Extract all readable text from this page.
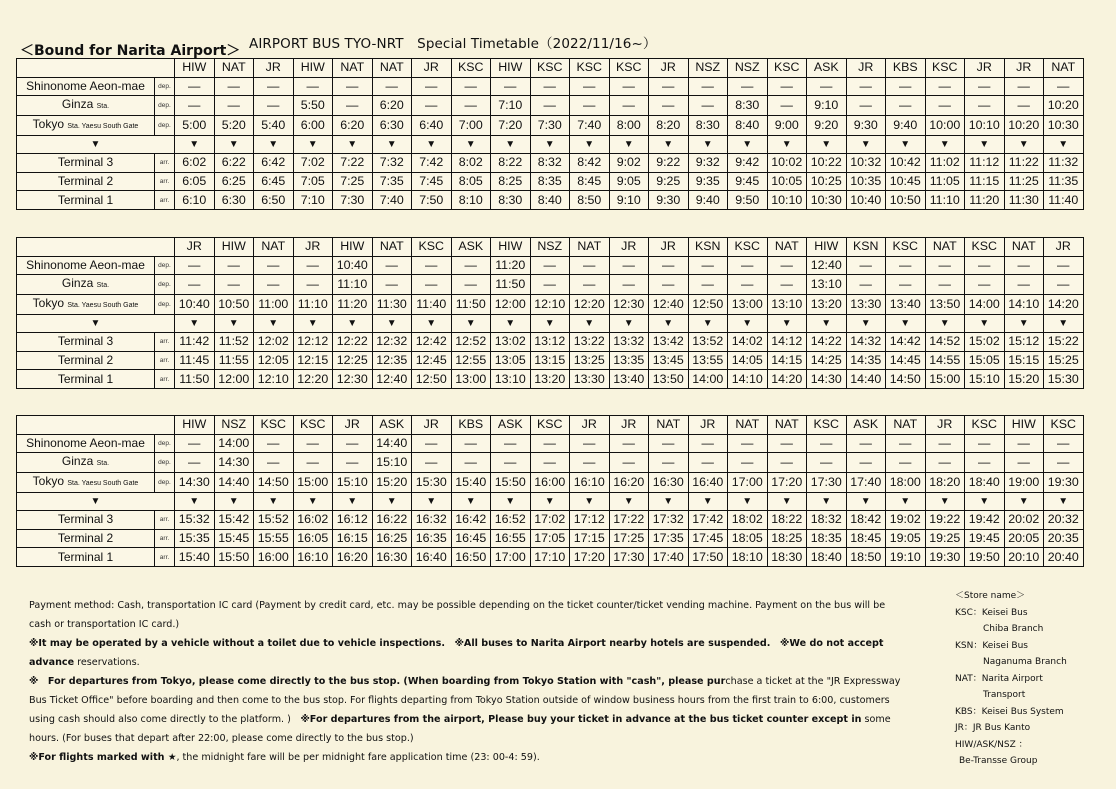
＜Bound for Narita Airport＞ AIRPORT BUS TYO-NRT　Special Timetable（2022/11/16~）
		HIW	NAT	JR	HIW	NAT	NAT	JR	KSC	HIW	KSC	KSC	KSC	JR	NSZ	NSZ	KSC	ASK	JR	KBS	KSC	JR	JR	NAT
Shinonome Aeon-mae	dep.	—	—	—	—	—	—	—	—	—	—	—	—	—	—	—	—	—	—	—	—	—	—	—
Ginza Sta.	dep.	—	—	—	5:50	—	6:20	—	—	7:10	—	—	—	—	—	8:30	—	9:10	—	—	—	—	—	10:20
Tokyo Sta. Yaesu South Gate	dep.	5:00	5:20	5:40	6:00	6:20	6:30	6:40	7:00	7:20	7:30	7:40	8:00	8:20	8:30	8:40	9:00	9:20	9:30	9:40	10:00	10:10	10:20	10:30
▼		▼	▼	▼	▼	▼	▼	▼	▼	▼	▼	▼	▼	▼	▼	▼	▼	▼	▼	▼	▼	▼	▼	▼
Terminal 3	arr.	6:02	6:22	6:42	7:02	7:22	7:32	7:42	8:02	8:22	8:32	8:42	9:02	9:22	9:32	9:42	10:02	10:22	10:32	10:42	11:02	11:12	11:22	11:32
Terminal 2	arr.	6:05	6:25	6:45	7:05	7:25	7:35	7:45	8:05	8:25	8:35	8:45	9:05	9:25	9:35	9:45	10:05	10:25	10:35	10:45	11:05	11:15	11:25	11:35
Terminal 1	arr.	6:10	6:30	6:50	7:10	7:30	7:40	7:50	8:10	8:30	8:40	8:50	9:10	9:30	9:40	9:50	10:10	10:30	10:40	10:50	11:10	11:20	11:30	11:40
		JR	HIW	NAT	JR	HIW	NAT	KSC	ASK	HIW	NSZ	NAT	JR	JR	KSN	KSC	NAT	HIW	KSN	KSC	NAT	KSC	NAT	JR
Shinonome Aeon-mae	dep.	—	—	—	—	10:40	—	—	—	11:20	—	—	—	—	—	—	—	12:40	—	—	—	—	—	—
Ginza Sta.	dep.	—	—	—	—	11:10	—	—	—	11:50	—	—	—	—	—	—	—	13:10	—	—	—	—	—	—
Tokyo Sta. Yaesu South Gate	dep.	10:40	10:50	11:00	11:10	11:20	11:30	11:40	11:50	12:00	12:10	12:20	12:30	12:40	12:50	13:00	13:10	13:20	13:30	13:40	13:50	14:00	14:10	14:20
▼		▼	▼	▼	▼	▼	▼	▼	▼	▼	▼	▼	▼	▼	▼	▼	▼	▼	▼	▼	▼	▼	▼	▼
Terminal 3	arr.	11:42	11:52	12:02	12:12	12:22	12:32	12:42	12:52	13:02	13:12	13:22	13:32	13:42	13:52	14:02	14:12	14:22	14:32	14:42	14:52	15:02	15:12	15:22
Terminal 2	arr.	11:45	11:55	12:05	12:15	12:25	12:35	12:45	12:55	13:05	13:15	13:25	13:35	13:45	13:55	14:05	14:15	14:25	14:35	14:45	14:55	15:05	15:15	15:25
Terminal 1	arr.	11:50	12:00	12:10	12:20	12:30	12:40	12:50	13:00	13:10	13:20	13:30	13:40	13:50	14:00	14:10	14:20	14:30	14:40	14:50	15:00	15:10	15:20	15:30
		HIW	NSZ	KSC	KSC	JR	ASK	JR	KBS	ASK	KSC	JR	JR	NAT	JR	NAT	NAT	KSC	ASK	NAT	JR	KSC	HIW	KSC
Shinonome Aeon-mae	dep.	—	14:00	—	—	—	14:40	—	—	—	—	—	—	—	—	—	—	—	—	—	—	—	—	—
Ginza Sta.	dep.	—	14:30	—	—	—	15:10	—	—	—	—	—	—	—	—	—	—	—	—	—	—	—	—	—
Tokyo Sta. Yaesu South Gate	dep.	14:30	14:40	14:50	15:00	15:10	15:20	15:30	15:40	15:50	16:00	16:10	16:20	16:30	16:40	17:00	17:20	17:30	17:40	18:00	18:20	18:40	19:00	19:30
▼		▼	▼	▼	▼	▼	▼	▼	▼	▼	▼	▼	▼	▼	▼	▼	▼	▼	▼	▼	▼	▼	▼	▼
Terminal 3	arr.	15:32	15:42	15:52	16:02	16:12	16:22	16:32	16:42	16:52	17:02	17:12	17:22	17:32	17:42	18:02	18:22	18:32	18:42	19:02	19:22	19:42	20:02	20:32
Terminal 2	arr.	15:35	15:45	15:55	16:05	16:15	16:25	16:35	16:45	16:55	17:05	17:15	17:25	17:35	17:45	18:05	18:25	18:35	18:45	19:05	19:25	19:45	20:05	20:35
Terminal 1	arr.	15:40	15:50	16:00	16:10	16:20	16:30	16:40	16:50	17:00	17:10	17:20	17:30	17:40	17:50	18:10	18:30	18:40	18:50	19:10	19:30	19:50	20:10	20:40

Payment method: Cash, transportation IC card (Payment by credit card, etc. may be possible depending on the ticket counter/ticket vending machine. Payment on the bus will be cash or transportation IC card.)

※It may be operated by a vehicle without a toilet due to vehicle inspections.　※All buses to Narita Airport nearby hotels are suspended.　※We do not accept advance reservations.

※　For departures from Tokyo, please come directly to the bus stop. (When boarding from Tokyo Station with "cash", please purchase a ticket at the "JR Expressway Bus Ticket Office" before boarding and then come to the bus stop. For flights departing from Tokyo Station outside of window business hours from the first train to 6:00, customers using cash should also come directly to the platform. )　※For departures from the airport, Please buy your ticket in advance at the bus ticket counter except in some hours. (For buses that depart after 22:00, please come directly to the bus stop.)

※For flights marked with ★, the midnight fare will be per midnight fare application time (23: 00-4: 59).

＜Store name＞
KSC：Keisei Bus
Chiba Branch
KSN：Keisei Bus
Naganuma Branch
NAT：Narita Airport
Transport
KBS：Keisei Bus System
JR：JR Bus Kanto
HIW/ASK/NSZ ：
Be-Transse Group
